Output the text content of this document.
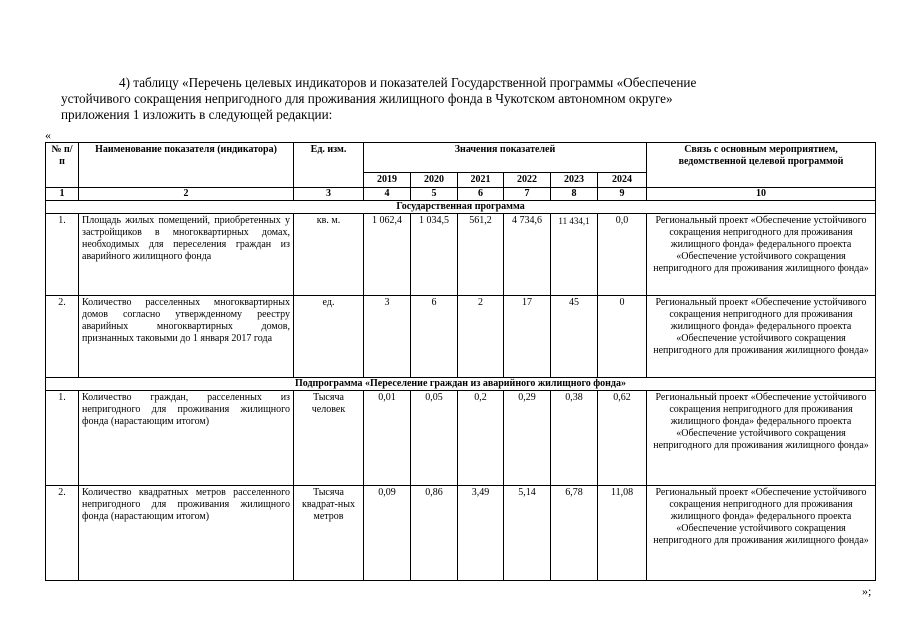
4) таблицу «Перечень целевых индикаторов и показателей Государственной программы «Обеспечение
устойчивого сокращения непригодного для проживания жилищного фонда в Чукотском автономном округе»
приложения 1 изложить в следующей редакции:
«
№ п/п	Наименование показателя (индикатора)	Ед. изм.	Значения показателей						Связь с основным мероприятием, ведомственной целевой программой
			2019	2020	2021	2022	2023	2024	
1	2	3	4	5	6	7	8	9	10
Государственная программа									
1.	Площадь жилых помещений, приобретенных у застройщиков в многоквартирных домах, необходимых для переселения граждан из аварийного жилищного фонда	кв. м.	1 062,4	1 034,5	561,2	4 734,6	11 434,1	0,0	Региональный проект «Обеспечение устойчивого сокращения непригодного для проживания жилищного фонда» федерального проекта «Обеспечение устойчивого сокращения непригодного для проживания жилищного фонда»
2.	Количество расселенных многоквартирных домов согласно утвержденному реестру аварийных многоквартирных домов, признанных таковыми до 1 января 2017 года	ед.	3	6	2	17	45	0	Региональный проект «Обеспечение устойчивого сокращения непригодного для проживания жилищного фонда» федерального проекта «Обеспечение устойчивого сокращения непригодного для проживания жилищного фонда»
Подпрограмма «Переселение граждан из аварийного жилищного фонда»									
1.	Количество граждан, расселенных из непригодного для проживания жилищного фонда (нарастающим итогом)	Тысяча человек	0,01	0,05	0,2	0,29	0,38	0,62	Региональный проект «Обеспечение устойчивого сокращения непригодного для проживания жилищного фонда» федерального проекта «Обеспечение устойчивого сокращения непригодного для проживания жилищного фонда»
2.	Количество квадратных метров расселенного непригодного для проживания жилищного фонда (нарастающим итогом)	Тысяча квадрат-ных метров	0,09	0,86	3,49	5,14	6,78	11,08	Региональный проект «Обеспечение устойчивого сокращения непригодного для проживания жилищного фонда» федерального проекта «Обеспечение устойчивого сокращения непригодного для проживания жилищного фонда»
»;
